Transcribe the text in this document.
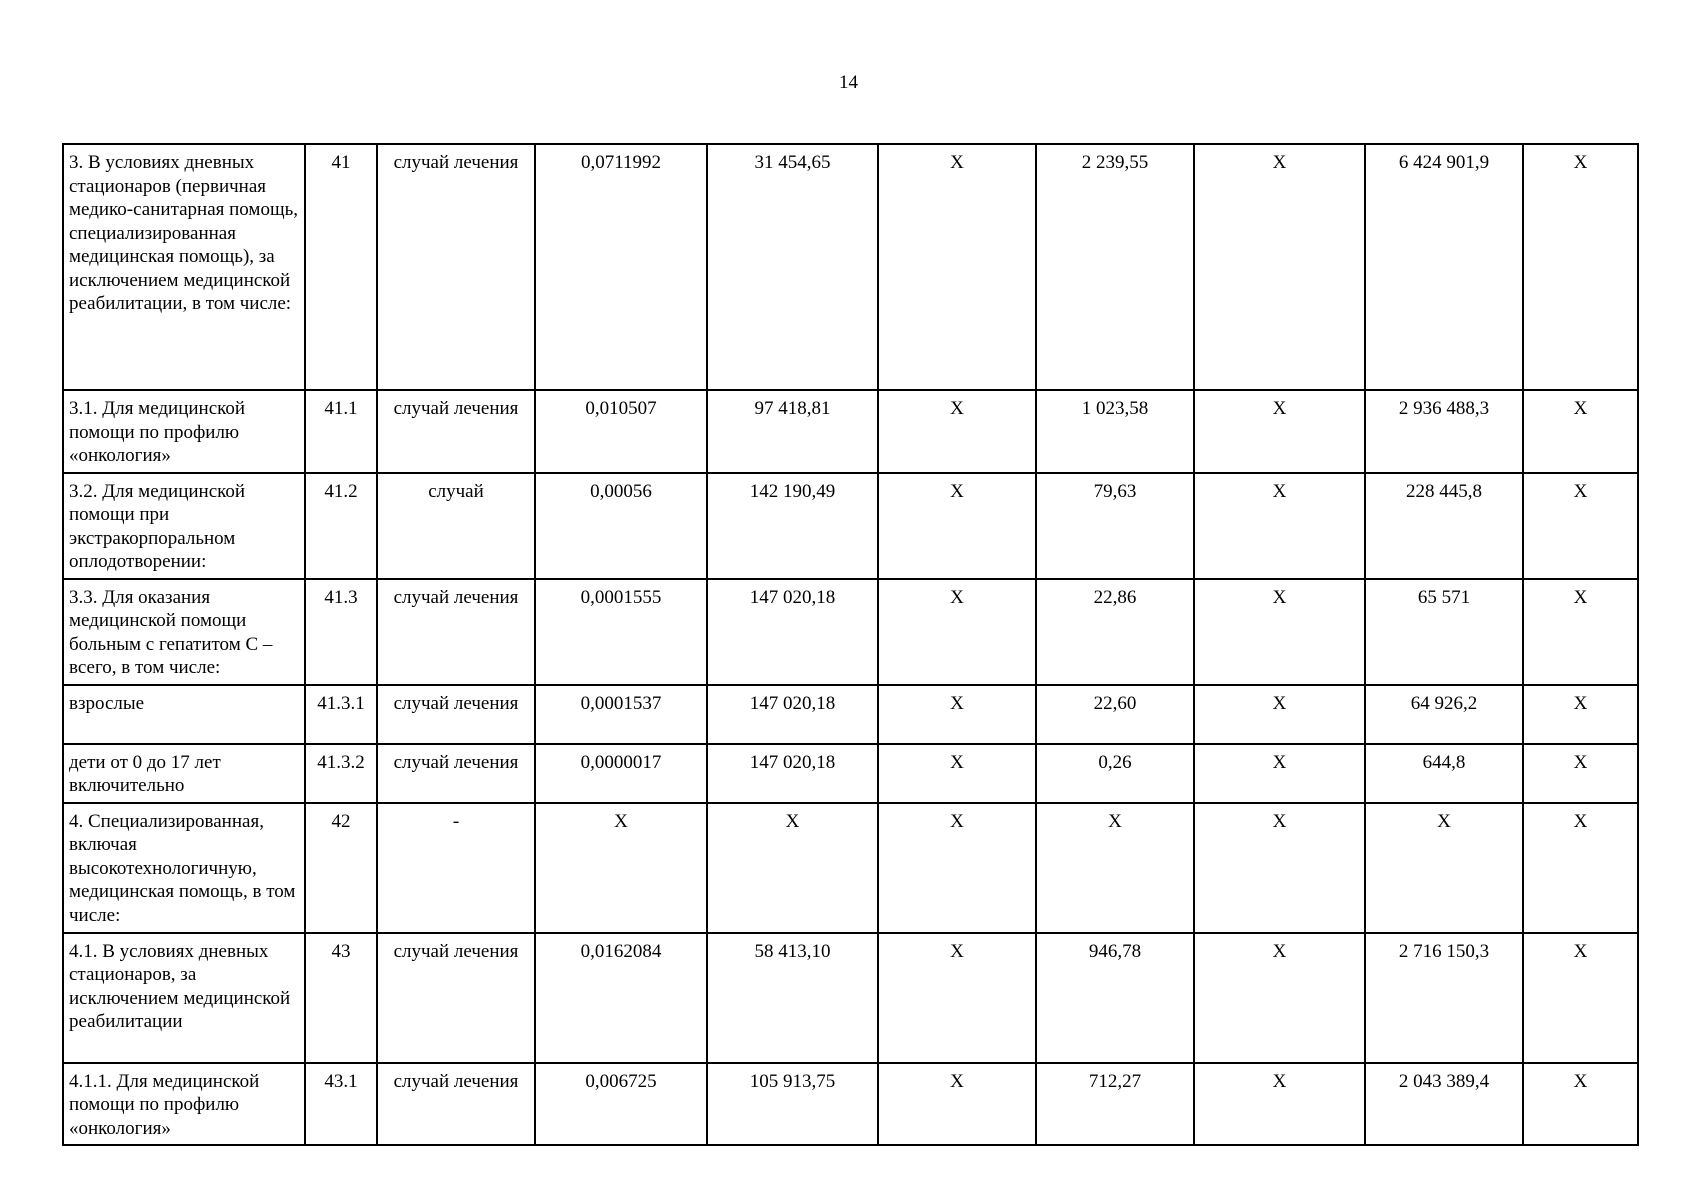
14
3. В условиях дневных стационаров (первичная медико-санитарная помощь, специализированная медицинская помощь), за исключением медицинской реабилитации, в том числе:	41	случай лечения	0,0711992	31 454,65	Х	2 239,55	Х	6 424 901,9	Х
3.1. Для медицинской помощи по профилю «онкология»	41.1	случай лечения	0,010507	97 418,81	Х	1 023,58	Х	2 936 488,3	Х
3.2. Для медицинской помощи при экстракорпоральном оплодотворении:	41.2	случай	0,00056	142 190,49	Х	79,63	Х	228 445,8	Х
3.3. Для оказания медицинской помощи больным с гепатитом С – всего, в том числе:	41.3	случай лечения	0,0001555	147 020,18	Х	22,86	Х	65 571	Х
взрослые	41.3.1	случай лечения	0,0001537	147 020,18	Х	22,60	Х	64 926,2	Х
дети от 0 до 17 лет включительно	41.3.2	случай лечения	0,0000017	147 020,18	Х	0,26	Х	644,8	Х
4. Специализированная, включая высокотехнологичную, медицинская помощь, в том числе:	42	-	Х	Х	Х	Х	Х	Х	Х
4.1. В условиях дневных стационаров, за исключением медицинской реабилитации	43	случай лечения	0,0162084	58 413,10	Х	946,78	Х	2 716 150,3	Х
4.1.1. Для медицинской помощи по профилю «онкология»	43.1	случай лечения	0,006725	105 913,75	Х	712,27	Х	2 043 389,4	Х
